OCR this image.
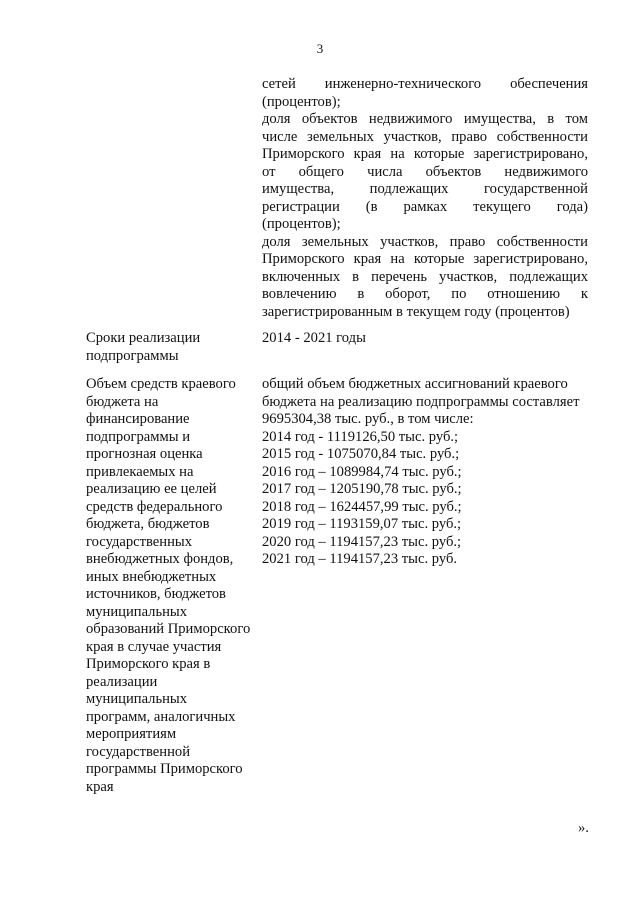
3
сетей инженерно-технического обеспечения
(процентов);
доля объектов недвижимого имущества, в том
числе земельных участков, право собственности
Приморского края на которые зарегистрировано,
от общего числа объектов недвижимого
имущества, подлежащих государственной
регистрации (в рамках текущего года)
(процентов);
доля земельных участков, право собственности
Приморского края на которые зарегистрировано,
включенных в перечень участков, подлежащих
вовлечению в оборот, по отношению к
зарегистрированным в текущем году (процентов)
Сроки реализации
подпрограммы
2014 - 2021 годы
Объем средств краевого
бюджета на
финансирование
подпрограммы и
прогнозная оценка
привлекаемых на
реализацию ее целей
средств федерального
бюджета, бюджетов
государственных
внебюджетных фондов,
иных внебюджетных
источников, бюджетов
муниципальных
образований Приморского
края в случае участия
Приморского края в
реализации
муниципальных
программ, аналогичных
мероприятиям
государственной
программы Приморского
края
общий объем бюджетных ассигнований краевого
бюджета на реализацию подпрограммы составляет
9695304,38 тыс. руб., в том числе:
2014 год - 1119126,50 тыс. руб.;
2015 год - 1075070,84 тыс. руб.;
2016 год – 1089984,74 тыс. руб.;
2017 год – 1205190,78 тыс. руб.;
2018 год – 1624457,99 тыс. руб.;
2019 год – 1193159,07 тыс. руб.;
2020 год – 1194157,23 тыс. руб.;
2021 год – 1194157,23 тыс. руб.
».
